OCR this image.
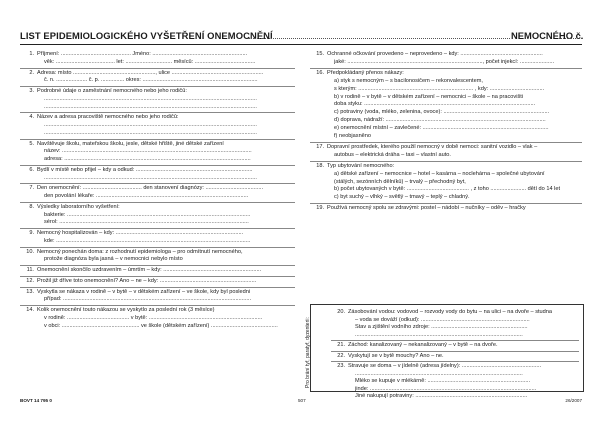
LIST EPIDEMIOLOGICKÉHO VYŠETŘENÍ ONEMOCNĚNÍ	NEMOCNÉHO č.
1. Příjmení: ............................................. Jméno: .............................................................
věk: ...................................... let: .............................. měsíců: .......................................
2. Adresa: místo ....................................................., ulice ...........................................................
č. n. .................... č. p. ............... okres: ..........................................................................
3. Podrobné údaje o zaměstnání nemocného nebo jeho rodičů:
.........................................................................................................................................
.........................................................................................................................................
4. Název a adresa pracoviště nemocného nebo jeho rodičů:
.........................................................................................................................................
.........................................................................................................................................
5. Navštěvuje školu, mateřskou školu, jesle, dětské hřiště, jiné dětské zařízení
název: ..........................................................................................................................
adresa: ........................................................................................................................
6. Bydlí v místě nebo přijel – kdy a odkud: ...........................................................................
.........................................................................................................................................
7. Den onemocnění: ...................................... den stanovení diagnózy: .....................................
den povolání lékaře: ..................................................................................................
8. Výsledky laboratorního vyšetření:
bakterie: ......................................................................................................................
sérol: ..........................................................................................................................
9. Nemocný hospitalizován – kdy: ..................................................................................
kde: .............................................................................................................................
10. Nemocný ponechán doma: z rozhodnutí epidemiologa – pro odmítnutí nemocného,
protože diagnóza byla jasná – v nemocnici nebylo místo
11. Onemocnění skončilo uzdravením – úmrtím – kdy: ...............................................................
12. Prožil již dříve toto onemocnění? Ano – ne – kdy: ..............................................................
13. Vyskytla se nákaza v rodině – v bytě – v dětském zařízení – ve škole, kdy byl posledni
případ: .........................................................................................................................
14. Kolik onemocnění touto nákazou se vyskytlo za poslední rok (3 měsíce)
v rodině: ........................................ v bytě: .........................................................................
v obci: .................................................. ve škole (dětském zařízení) ...........................................
15. Ochranné očkování provedeno – neprovedeno – kdy: .....................................................
jaké: ......................................................................................., počet injekcí: ......................
16. Předpokládaný přenos nákazy:
a) styk s nemocným – s bacilonosičem – rekonvalescentem,
s kterým: .......................................................................... , kdy: ...................................
b) v rodině – v bytě – v dětském zařízení – nemocnici – škole – na pracovišti
doba styku: ..............................................................................................................
c) potraviny (voda, mléko, zelenina, ovoce): ....................................................................
d) doprava, nádraží: .......................................................................................................
e) onemocnění místní – zavlečené: .................................................................................
f) neobjasněno
17. Dopravní prostředek, kterého použil nemocný v době nemoci: sanitní vozidlo – vlak –
autobus – elektrická dráha – taxi – vlastní auto.
18. Typ ubytování nemocného:
a) dětské zařízení – nemocnice – hotel – kasárna – noclehárna – společné ubytování
(stálých, sezónních dělníků) – trvalý – přechodný byt,
b) počet ubytovaných v bytě: ........................................ , z toho ....................... dětí do 14 let
c) byt suchý – vlhký – světlý – tmavý – teplý – chladný.
19. Používá nemocný spolu se zdravými: postel – nádobí – nučníky – oděv – hračky
Pro brání tyf, paratyf, dyzenterii:
20. Zásobování vodou: vodovod – rozvody vody do bytu – na ulici – na dvoře – studna
– voda se dováží (odkud): ......................................................................
Stav a zjištění vodního zdroje: ..............................................................
............................................................................................................
21. Záchod: kanalizovaný – nekanalizovaný – v bytě – na dvoře.
22. Vyskytují se v bytě mouchy? Ano – ne.
23. Stravuje se doma – v jídelně (adresa jídelny): ...................................................
............................................................................................................
Mléko se kupuje v mlékárně: ..................................................................
jinde: ...........................................................................................................
Jiné nakupují potraviny: ........................................................................
BOVT 14 795 0	507	26/2007
